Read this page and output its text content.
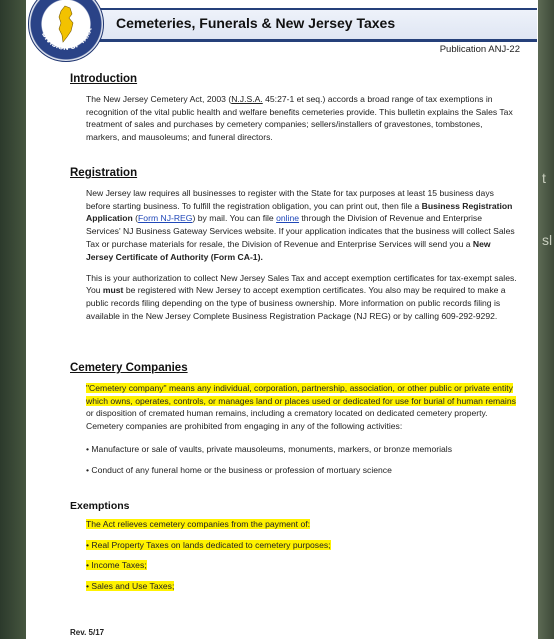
t
sl
Cemeteries, Funerals & New Jersey Taxes
DIVISION OF TAXA
Publication ANJ-22
Introduction

The New Jersey Cemetery Act, 2003 (N.J.S.A. 45:27-1 et seq.) accords a broad range of tax exemptions in recognition of the vital public health and welfare benefits cemeteries provide. This bulletin explains the Sales Tax treatment of sales and purchases by cemetery companies; sellers/installers of gravestones, tombstones, markers, and mausoleums; and funeral directors.

Registration

New Jersey law requires all businesses to register with the State for tax purposes at least 15 business days before starting business. To fulfill the registration obligation, you can print out, then file a Business Registration Application (Form NJ-REG) by mail. You can file online through the Division of Revenue and Enterprise Services' NJ Business Gateway Services website. If your application indicates that the business will collect Sales Tax or purchase materials for resale, the Division of Revenue and Enterprise Services will send you a New Jersey Certificate of Authority (Form CA-1).

This is your authorization to collect New Jersey Sales Tax and accept exemption certificates for tax-exempt sales. You must be registered with New Jersey to accept exemption certificates. You also may be required to make a public records filing depending on the type of business ownership. More information on public records filing is available in the New Jersey Complete Business Registration Package (NJ REG) or by calling 609-292-9292.

Cemetery Companies

"Cemetery company" means any individual, corporation, partnership, association, or other public or private entity which owns, operates, controls, or manages land or places used or dedicated for use for burial of human remains or disposition of cremated human remains, including a crematory located on dedicated cemetery property. Cemetery companies are prohibited from engaging in any of the following activities:

• Manufacture or sale of vaults, private mausoleums, monuments, markers, or bronze memorials

• Conduct of any funeral home or the business or profession of mortuary science

Exemptions

The Act relieves cemetery companies from the payment of:

• Real Property Taxes on lands dedicated to cemetery purposes;

• Income Taxes;

• Sales and Use Taxes;

Rev. 5/17
